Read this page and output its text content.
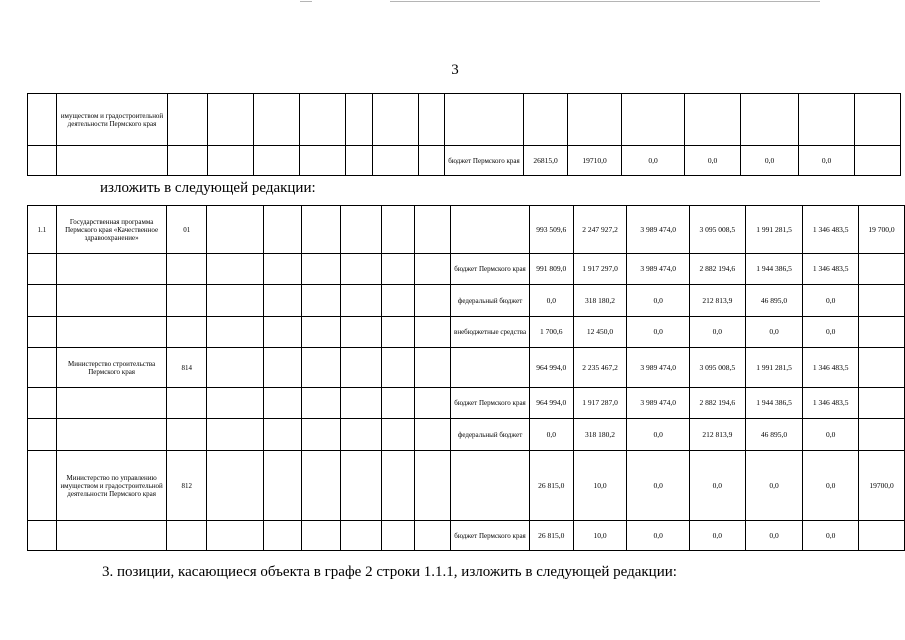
3
	имуществом и градостроительной деятельности Пермского края															
									бюджет Пермского края	26815,0	19710,0	0,0	0,0	0,0	0,0	
изложить в следующей редакции:
1.1	Государственная программа Пермского края «Качественное здравоохранение»	01								993 509,6	2 247 927,2	3 989 474,0	3 095 008,5	1 991 281,5	1 346 483,5	19 700,0
									бюджет Пермского края	991 809,0	1 917 297,0	3 989 474,0	2 882 194,6	1 944 386,5	1 346 483,5	
									федеральный бюджет	0,0	318 180,2	0,0	212 813,9	46 895,0	0,0	
									внебюджетные средства	1 700,6	12 450,0	0,0	0,0	0,0	0,0	
	Министерство строительства Пермского края	814								964 994,0	2 235 467,2	3 989 474,0	3 095 008,5	1 991 281,5	1 346 483,5	
									бюджет Пермского края	964 994,0	1 917 287,0	3 989 474,0	2 882 194,6	1 944 386,5	1 346 483,5	
									федеральный бюджет	0,0	318 180,2	0,0	212 813,9	46 895,0	0,0	
	Министерство по управлению имуществом и градостроительной деятельности Пермского края	812								26 815,0	10,0	0,0	0,0	0,0	0,0	19700,0
									бюджет Пермского края	26 815,0	10,0	0,0	0,0	0,0	0,0	
3. позиции, касающиеся объекта в графе 2 строки 1.1.1, изложить в следующей редакции:
